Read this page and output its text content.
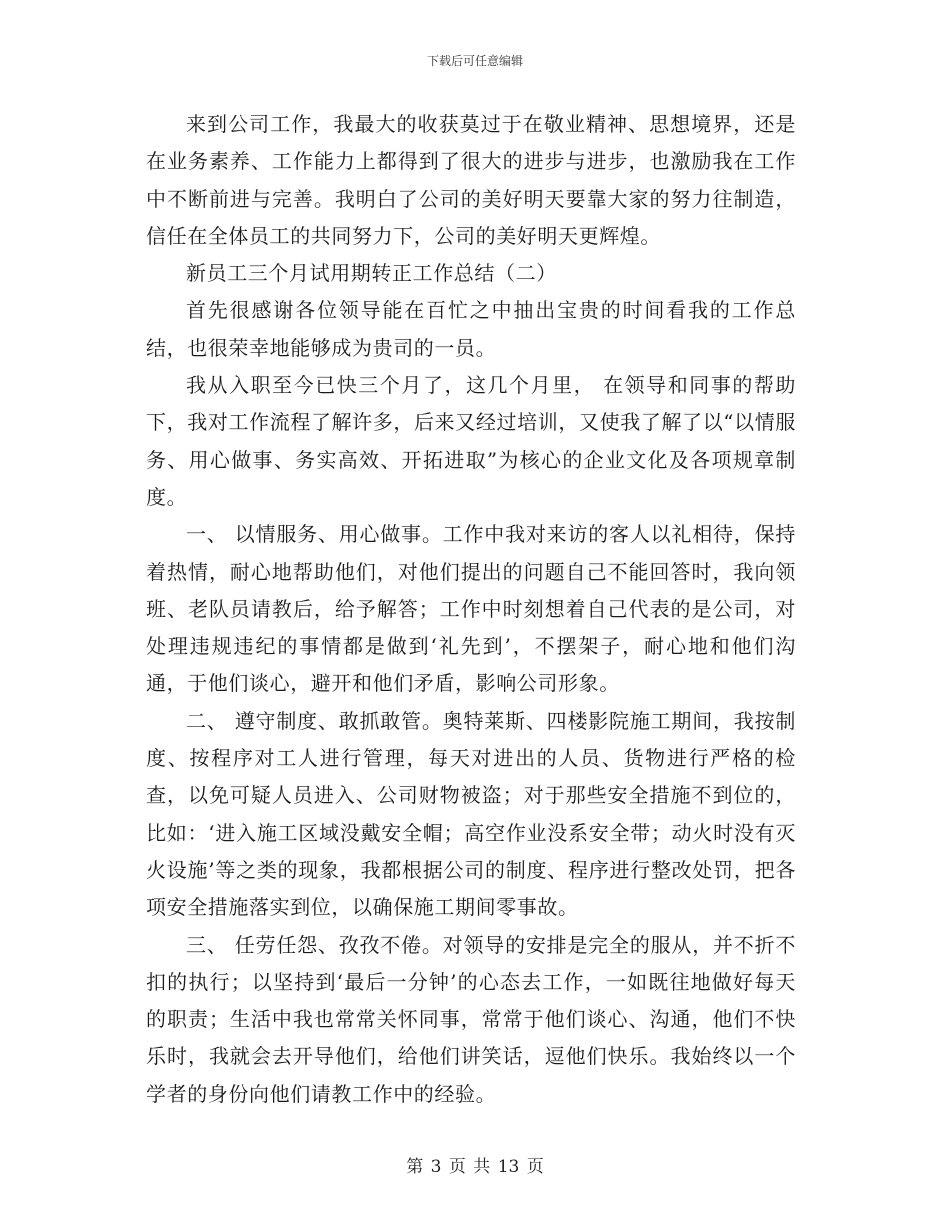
下载后可任意编辑

来到公司工作，我最大的收获莫过于在敬业精神、思想境界，还是在业务素养、工作能力上都得到了很大的进步与进步，也激励我在工作中不断前进与完善。我明白了公司的美好明天要靠大家的努力往制造，信任在全体员工的共同努力下，公司的美好明天更辉煌。

新员工三个月试用期转正工作总结（二）

首先很感谢各位领导能在百忙之中抽出宝贵的时间看我的工作总结，也很荣幸地能够成为贵司的一员。

我从入职至今已快三个月了，这几个月里， 在领导和同事的帮助下，我对工作流程了解许多，后来又经过培训，又使我了解了以“以情服务、用心做事、务实高效、开拓进取”为核心的企业文化及各项规章制度。

一、 以情服务、用心做事。工作中我对来访的客人以礼相待，保持着热情，耐心地帮助他们，对他们提出的问题自己不能回答时，我向领班、老队员请教后，给予解答；工作中时刻想着自己代表的是公司，对处理违规违纪的事情都是做到‘礼先到’，不摆架子，耐心地和他们沟通，于他们谈心，避开和他们矛盾，影响公司形象。

二、 遵守制度、敢抓敢管。奥特莱斯、四楼影院施工期间，我按制度、按程序对工人进行管理，每天对进出的人员、货物进行严格的检查，以免可疑人员进入、公司财物被盗；对于那些安全措施不到位的，比如：‘进入施工区域没戴安全帽；高空作业没系安全带；动火时没有灭火设施’等之类的现象，我都根据公司的制度、程序进行整改处罚，把各项安全措施落实到位，以确保施工期间零事故。

三、 任劳任怨、孜孜不倦。对领导的安排是完全的服从，并不折不扣的执行；以坚持到‘最后一分钟’的心态去工作，一如既往地做好每天的职责；生活中我也常常关怀同事，常常于他们谈心、沟通，他们不快乐时，我就会去开导他们，给他们讲笑话，逗他们快乐。我始终以一个学者的身份向他们请教工作中的经验。

第 3 页 共 13 页
